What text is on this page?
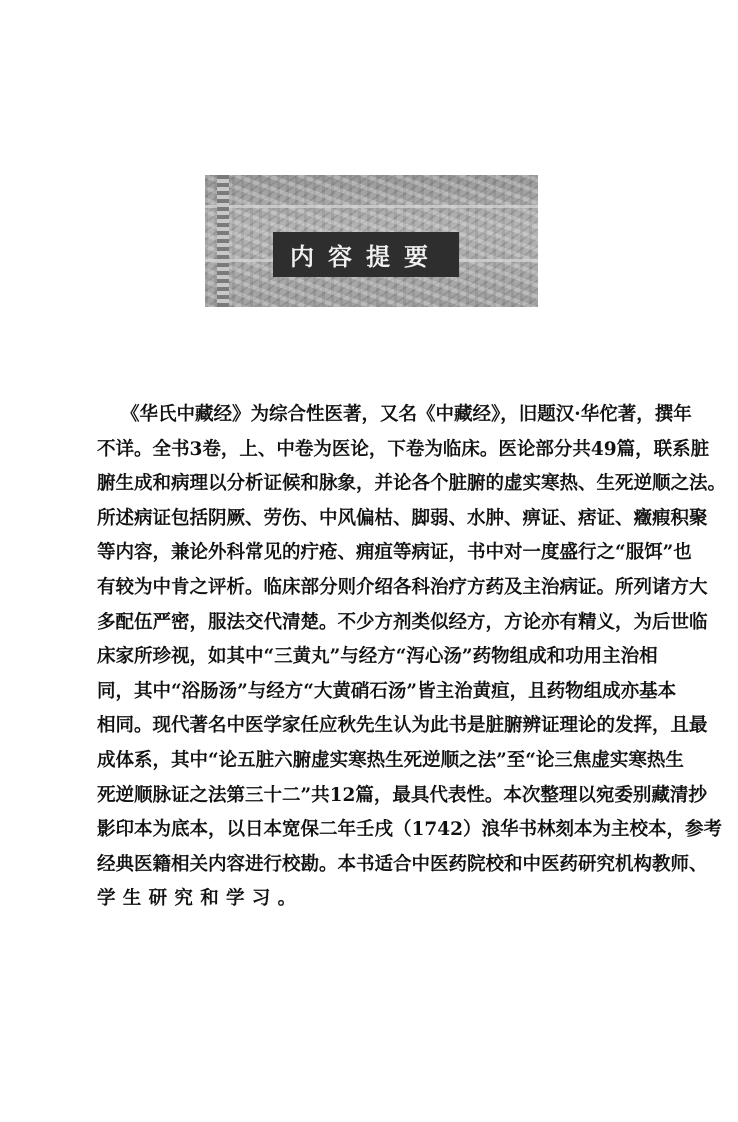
内容提要
《华氏中藏经》为综合性医著，又名《中藏经》，旧题汉·华佗著，撰年
不详。全书3卷，上、中卷为医论，下卷为临床。医论部分共49篇，联系脏
腑生成和病理以分析证候和脉象，并论各个脏腑的虚实寒热、生死逆顺之法。
所述病证包括阴厥、劳伤、中风偏枯、脚弱、水肿、痹证、痞证、癥瘕积聚
等内容，兼论外科常见的疔疮、痈疽等病证，书中对一度盛行之“服饵”也
有较为中肯之评析。临床部分则介绍各科治疗方药及主治病证。所列诸方大
多配伍严密，服法交代清楚。不少方剂类似经方，方论亦有精义，为后世临
床家所珍视，如其中“三黄丸”与经方“泻心汤”药物组成和功用主治相
同，其中“浴肠汤”与经方“大黄硝石汤”皆主治黄疸，且药物组成亦基本
相同。现代著名中医学家任应秋先生认为此书是脏腑辨证理论的发挥，且最
成体系，其中“论五脏六腑虚实寒热生死逆顺之法”至“论三焦虚实寒热生
死逆顺脉证之法第三十二”共12篇，最具代表性。本次整理以宛委别藏清抄
影印本为底本，以日本宽保二年壬戌（1742）浪华书林刻本为主校本，参考
经典医籍相关内容进行校勘。本书适合中医药院校和中医药研究机构教师、
学生研究和学习。
